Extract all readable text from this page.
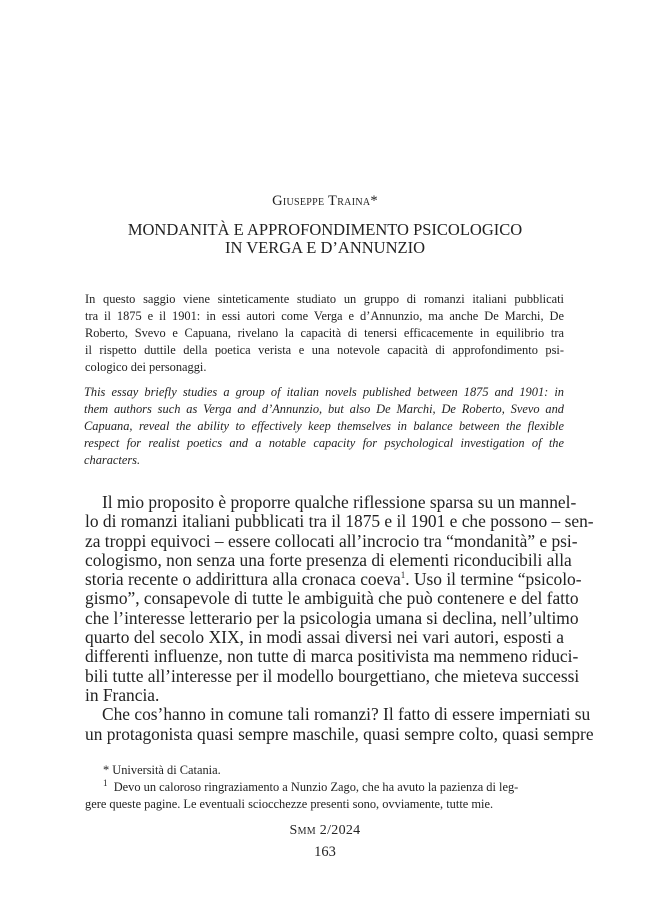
Giuseppe Traina*
MONDANITÀ E APPROFONDIMENTO PSICOLOGICO
IN VERGA E D’ANNUNZIO
In questo saggio viene sinteticamente studiato un gruppo di romanzi italiani pubblicati
tra il 1875 e il 1901: in essi autori come Verga e d’Annunzio, ma anche De Marchi, De
Roberto, Svevo e Capuana, rivelano la capacità di tenersi efficacemente in equilibrio tra
il rispetto duttile della poetica verista e una notevole capacità di approfondimento psi-
cologico dei personaggi.
This essay briefly studies a group of italian novels published between 1875 and 1901: in
them authors such as Verga and d’Annunzio, but also De Marchi, De Roberto, Svevo and
Capuana, reveal the ability to effectively keep themselves in balance between the flexible
respect for realist poetics and a notable capacity for psychological investigation of the
characters.
Il mio proposito è proporre qualche riflessione sparsa su un mannel-
lo di romanzi italiani pubblicati tra il 1875 e il 1901 e che possono – sen-
za troppi equivoci – essere collocati all’incrocio tra “mondanità” e psi-
cologismo, non senza una forte presenza di elementi riconducibili alla
storia recente o addirittura alla cronaca coeva$^1$. Uso il termine “psicolo-
gismo”, consapevole di tutte le ambiguità che può contenere e del fatto
che l’interesse letterario per la psicologia umana si declina, nell’ultimo
quarto del secolo XIX, in modi assai diversi nei vari autori, esposti a
differenti influenze, non tutte di marca positivista ma nemmeno riduci-
bili tutte all’interesse per il modello bourgettiano, che mieteva successi
in Francia.
Che cos’hanno in comune tali romanzi? Il fatto di essere imperniati su
un protagonista quasi sempre maschile, quasi sempre colto, quasi sempre
* Università di Catania.
$^1$ Devo un caloroso ringraziamento a Nunzio Zago, che ha avuto la pazienza di leg-
gere queste pagine. Le eventuali sciocchezze presenti sono, ovviamente, tutte mie.
Smm 2/2024
163
